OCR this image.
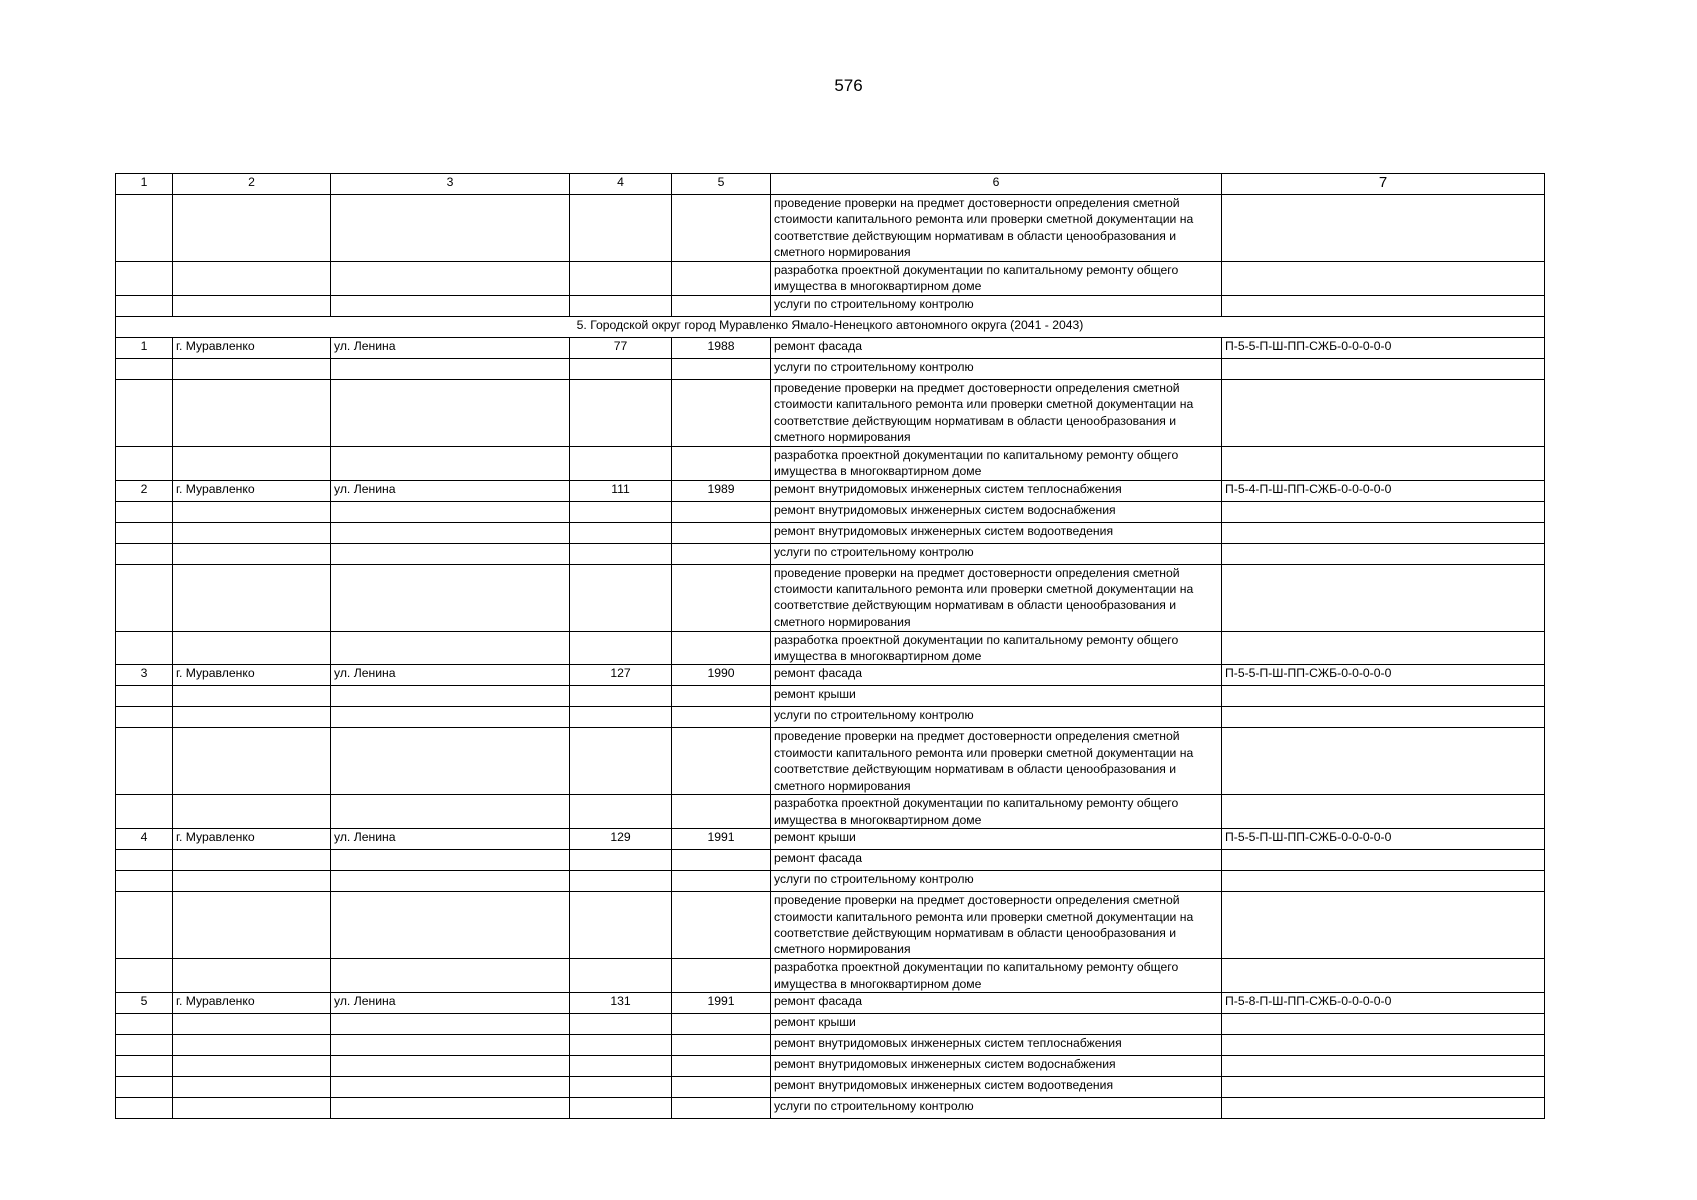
576
1	2	3	4	5	6	7
					проведение проверки на предмет достоверности определения сметной стоимости капитального ремонта или проверки сметной документации на соответствие действующим нормативам в области ценообразования и сметного нормирования	
					разработка проектной документации по капитальному ремонту общего имущества в многоквартирном доме	
					услуги по строительному контролю	
5. Городской округ город Муравленко Ямало-Ненецкого автономного округа (2041 - 2043)						
1	г. Муравленко	ул. Ленина	77	1988	ремонт фасада	П-5-5-П-Ш-ПП-СЖБ-0-0-0-0-0
					услуги по строительному контролю	
					проведение проверки на предмет достоверности определения сметной стоимости капитального ремонта или проверки сметной документации на соответствие действующим нормативам в области ценообразования и сметного нормирования	
					разработка проектной документации по капитальному ремонту общего имущества в многоквартирном доме	
2	г. Муравленко	ул. Ленина	111	1989	ремонт внутридомовых инженерных систем теплоснабжения	П-5-4-П-Ш-ПП-СЖБ-0-0-0-0-0
					ремонт внутридомовых инженерных систем водоснабжения	
					ремонт внутридомовых инженерных систем водоотведения	
					услуги по строительному контролю	
					проведение проверки на предмет достоверности определения сметной стоимости капитального ремонта или проверки сметной документации на соответствие действующим нормативам в области ценообразования и сметного нормирования	
					разработка проектной документации по капитальному ремонту общего имущества в многоквартирном доме	
3	г. Муравленко	ул. Ленина	127	1990	ремонт фасада	П-5-5-П-Ш-ПП-СЖБ-0-0-0-0-0
					ремонт крыши	
					услуги по строительному контролю	
					проведение проверки на предмет достоверности определения сметной стоимости капитального ремонта или проверки сметной документации на соответствие действующим нормативам в области ценообразования и сметного нормирования	
					разработка проектной документации по капитальному ремонту общего имущества в многоквартирном доме	
4	г. Муравленко	ул. Ленина	129	1991	ремонт крыши	П-5-5-П-Ш-ПП-СЖБ-0-0-0-0-0
					ремонт фасада	
					услуги по строительному контролю	
					проведение проверки на предмет достоверности определения сметной стоимости капитального ремонта или проверки сметной документации на соответствие действующим нормативам в области ценообразования и сметного нормирования	
					разработка проектной документации по капитальному ремонту общего имущества в многоквартирном доме	
5	г. Муравленко	ул. Ленина	131	1991	ремонт фасада	П-5-8-П-Ш-ПП-СЖБ-0-0-0-0-0
					ремонт крыши	
					ремонт внутридомовых инженерных систем теплоснабжения	
					ремонт внутридомовых инженерных систем водоснабжения	
					ремонт внутридомовых инженерных систем водоотведения	
					услуги по строительному контролю	
